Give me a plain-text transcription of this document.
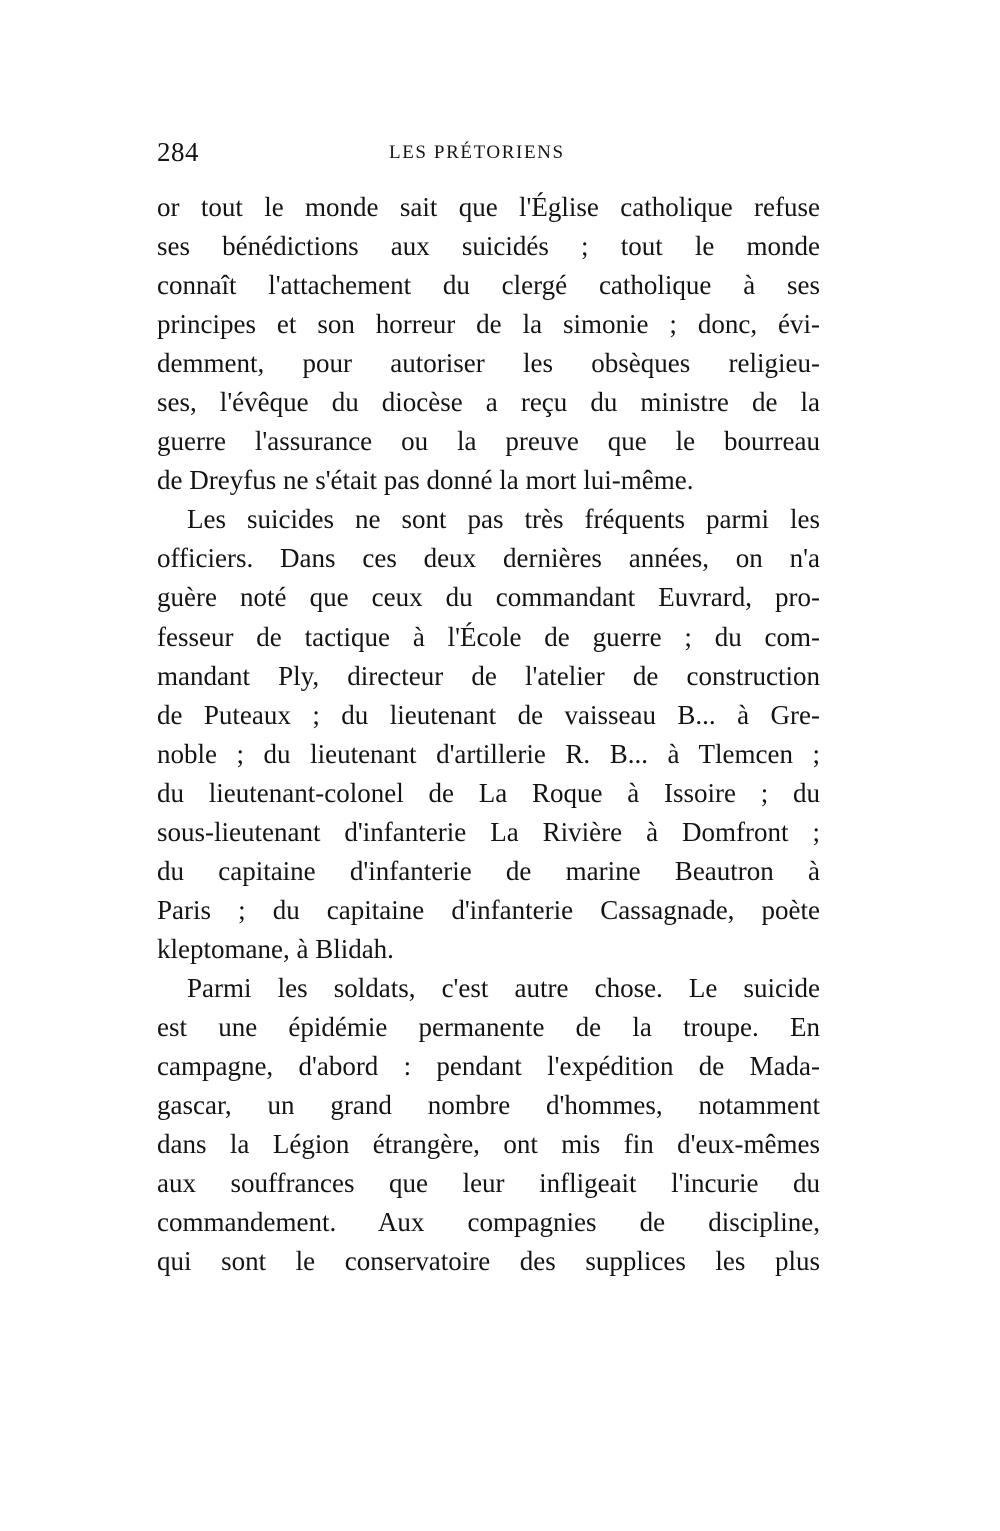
284	LES PRÉTORIENS
or tout le monde sait que l'Église catholique refuse
ses bénédictions aux suicidés ; tout le monde
connaît l'attachement du clergé catholique à ses
principes et son horreur de la simonie ; donc, évi-
demment, pour autoriser les obsèques religieu-
ses, l'évêque du diocèse a reçu du ministre de la
guerre l'assurance ou la preuve que le bourreau
de Dreyfus ne s'était pas donné la mort lui-même.
Les suicides ne sont pas très fréquents parmi les
officiers. Dans ces deux dernières années, on n'a
guère noté que ceux du commandant Euvrard, pro-
fesseur de tactique à l'École de guerre ; du com-
mandant Ply, directeur de l'atelier de construction
de Puteaux ; du lieutenant de vaisseau B... à Gre-
noble ; du lieutenant d'artillerie R. B... à Tlemcen ;
du lieutenant-colonel de La Roque à Issoire ; du
sous-lieutenant d'infanterie La Rivière à Domfront ;
du capitaine d'infanterie de marine Beautron à
Paris ; du capitaine d'infanterie Cassagnade, poète
kleptomane, à Blidah.
Parmi les soldats, c'est autre chose. Le suicide
est une épidémie permanente de la troupe. En
campagne, d'abord : pendant l'expédition de Mada-
gascar, un grand nombre d'hommes, notamment
dans la Légion étrangère, ont mis fin d'eux-mêmes
aux souffrances que leur infligeait l'incurie du
commandement. Aux compagnies de discipline,
qui sont le conservatoire des supplices les plus
